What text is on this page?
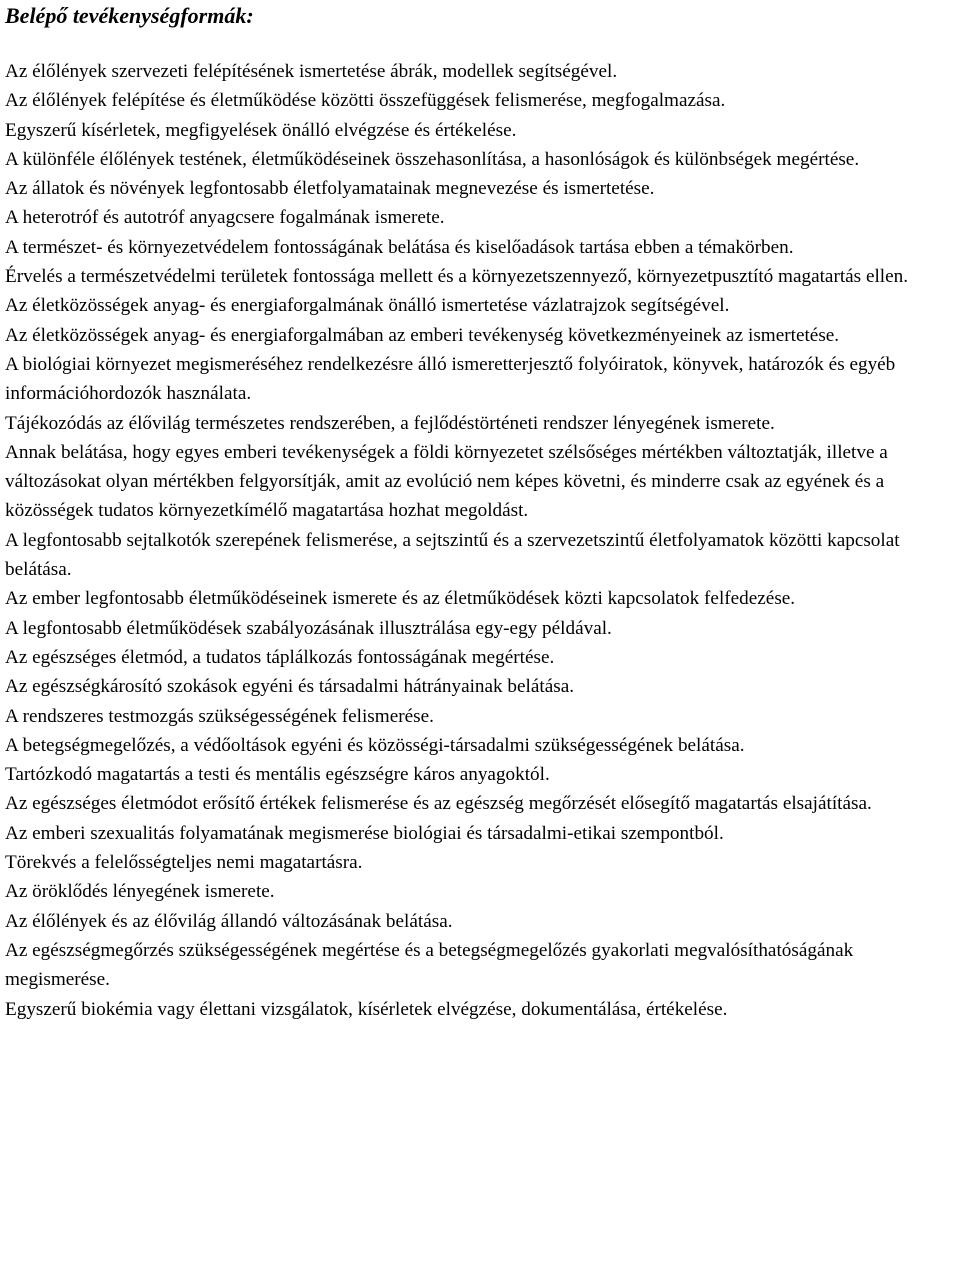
Belépő tevékenységformák:
Az élőlények szervezeti felépítésének ismertetése ábrák, modellek segítségével.
Az élőlények felépítése és életműködése közötti összefüggések felismerése, megfogalmazása.
Egyszerű kísérletek, megfigyelések önálló elvégzése és értékelése.
A különféle élőlények testének, életműködéseinek összehasonlítása, a hasonlóságok és különbségek megértése.
Az állatok és növények legfontosabb életfolyamatainak megnevezése és ismertetése.
A heterotróf és autotróf anyagcsere fogalmának ismerete.
A természet- és környezetvédelem fontosságának belátása és kiselőadások tartása ebben a témakörben.
Érvelés a természetvédelmi területek fontossága mellett és a környezetszennyező, környezetpusztító magatartás ellen.
Az életközösségek anyag- és energiaforgalmának önálló ismertetése vázlatrajzok segítségével.
Az életközösségek anyag- és energiaforgalmában az emberi tevékenység következményeinek az ismertetése.
A biológiai környezet megismeréséhez rendelkezésre álló ismeretterjesztő folyóiratok, könyvek, határozók és egyéb információhordozók használata.
Tájékozódás az élővilág természetes rendszerében, a fejlődéstörténeti rendszer lényegének ismerete.
Annak belátása, hogy egyes emberi tevékenységek a földi környezetet szélsőséges mértékben változtatják, illetve a változásokat olyan mértékben felgyorsítják, amit az evolúció nem képes követni, és minderre csak az egyének és a közösségek tudatos környezetkímélő magatartása hozhat megoldást.
A legfontosabb sejtalkotók szerepének felismerése, a sejtszintű és a szervezetszintű életfolyamatok közötti kapcsolat belátása.
Az ember legfontosabb életműködéseinek ismerete és az életműködések közti kapcsolatok felfedezése.
A legfontosabb életműködések szabályozásának illusztrálása egy-egy példával.
Az egészséges életmód, a tudatos táplálkozás fontosságának megértése.
Az egészségkárosító szokások egyéni és társadalmi hátrányainak belátása.
A rendszeres testmozgás szükségességének felismerése.
A betegségmegelőzés, a védőoltások egyéni és közösségi-társadalmi szükségességének belátása.
Tartózkodó magatartás a testi és mentális egészségre káros anyagoktól.
Az egészséges életmódot erősítő értékek felismerése és az egészség megőrzését elősegítő magatartás elsajátítása.
Az emberi szexualitás folyamatának megismerése biológiai és társadalmi-etikai szempontból.
Törekvés a felelősségteljes nemi magatartásra.
Az öröklődés lényegének ismerete.
Az élőlények és az élővilág állandó változásának belátása.
Az egészségmegőrzés szükségességének megértése és a betegségmegelőzés gyakorlati megvalósíthatóságának megismerése.
Egyszerű biokémia vagy élettani vizsgálatok, kísérletek elvégzése, dokumentálása, értékelése.
